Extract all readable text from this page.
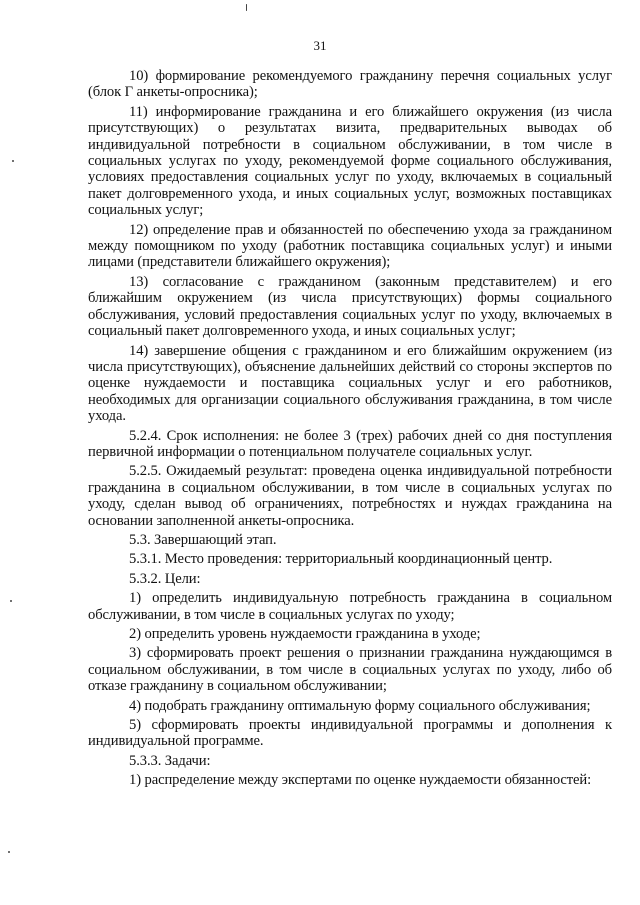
31

10) формирование рекомендуемого гражданину перечня социальных услуг (блок Г анкеты-опросника);

11) информирование гражданина и его ближайшего окружения (из числа присутствующих) о результатах визита, предварительных выводах об индивидуальной потребности в социальном обслуживании, в том числе в социальных услугах по уходу, рекомендуемой форме социального обслуживания, условиях предоставления социальных услуг по уходу, включаемых в социальный пакет долговременного ухода, и иных социальных услуг, возможных поставщиках социальных услуг;

12) определение прав и обязанностей по обеспечению ухода за гражданином между помощником по уходу (работник поставщика социальных услуг) и иными лицами (представители ближайшего окружения);

13) согласование с гражданином (законным представителем) и его ближайшим окружением (из числа присутствующих) формы социального обслуживания, условий предоставления социальных услуг по уходу, включаемых в социальный пакет долговременного ухода, и иных социальных услуг;

14) завершение общения с гражданином и его ближайшим окружением (из числа присутствующих), объяснение дальнейших действий со стороны экспертов по оценке нуждаемости и поставщика социальных услуг и его работников, необходимых для организации социального обслуживания гражданина, в том числе ухода.

5.2.4. Срок исполнения: не более 3 (трех) рабочих дней со дня поступления первичной информации о потенциальном получателе социальных услуг.

5.2.5. Ожидаемый результат: проведена оценка индивидуальной потребности гражданина в социальном обслуживании, в том числе в социальных услугах по уходу, сделан вывод об ограничениях, потребностях и нуждах гражданина на основании заполненной анкеты-опросника.

5.3. Завершающий этап.

5.3.1. Место проведения: территориальный координационный центр.

5.3.2. Цели:

1) определить индивидуальную потребность гражданина в социальном обслуживании, в том числе в социальных услугах по уходу;

2) определить уровень нуждаемости гражданина в уходе;

3) сформировать проект решения о признании гражданина нуждающимся в социальном обслуживании, в том числе в социальных услугах по уходу, либо об отказе гражданину в социальном обслуживании;

4) подобрать гражданину оптимальную форму социального обслуживания;

5) сформировать проекты индивидуальной программы и дополнения к индивидуальной программе.

5.3.3. Задачи:

1) распределение между экспертами по оценке нуждаемости обязанностей:
